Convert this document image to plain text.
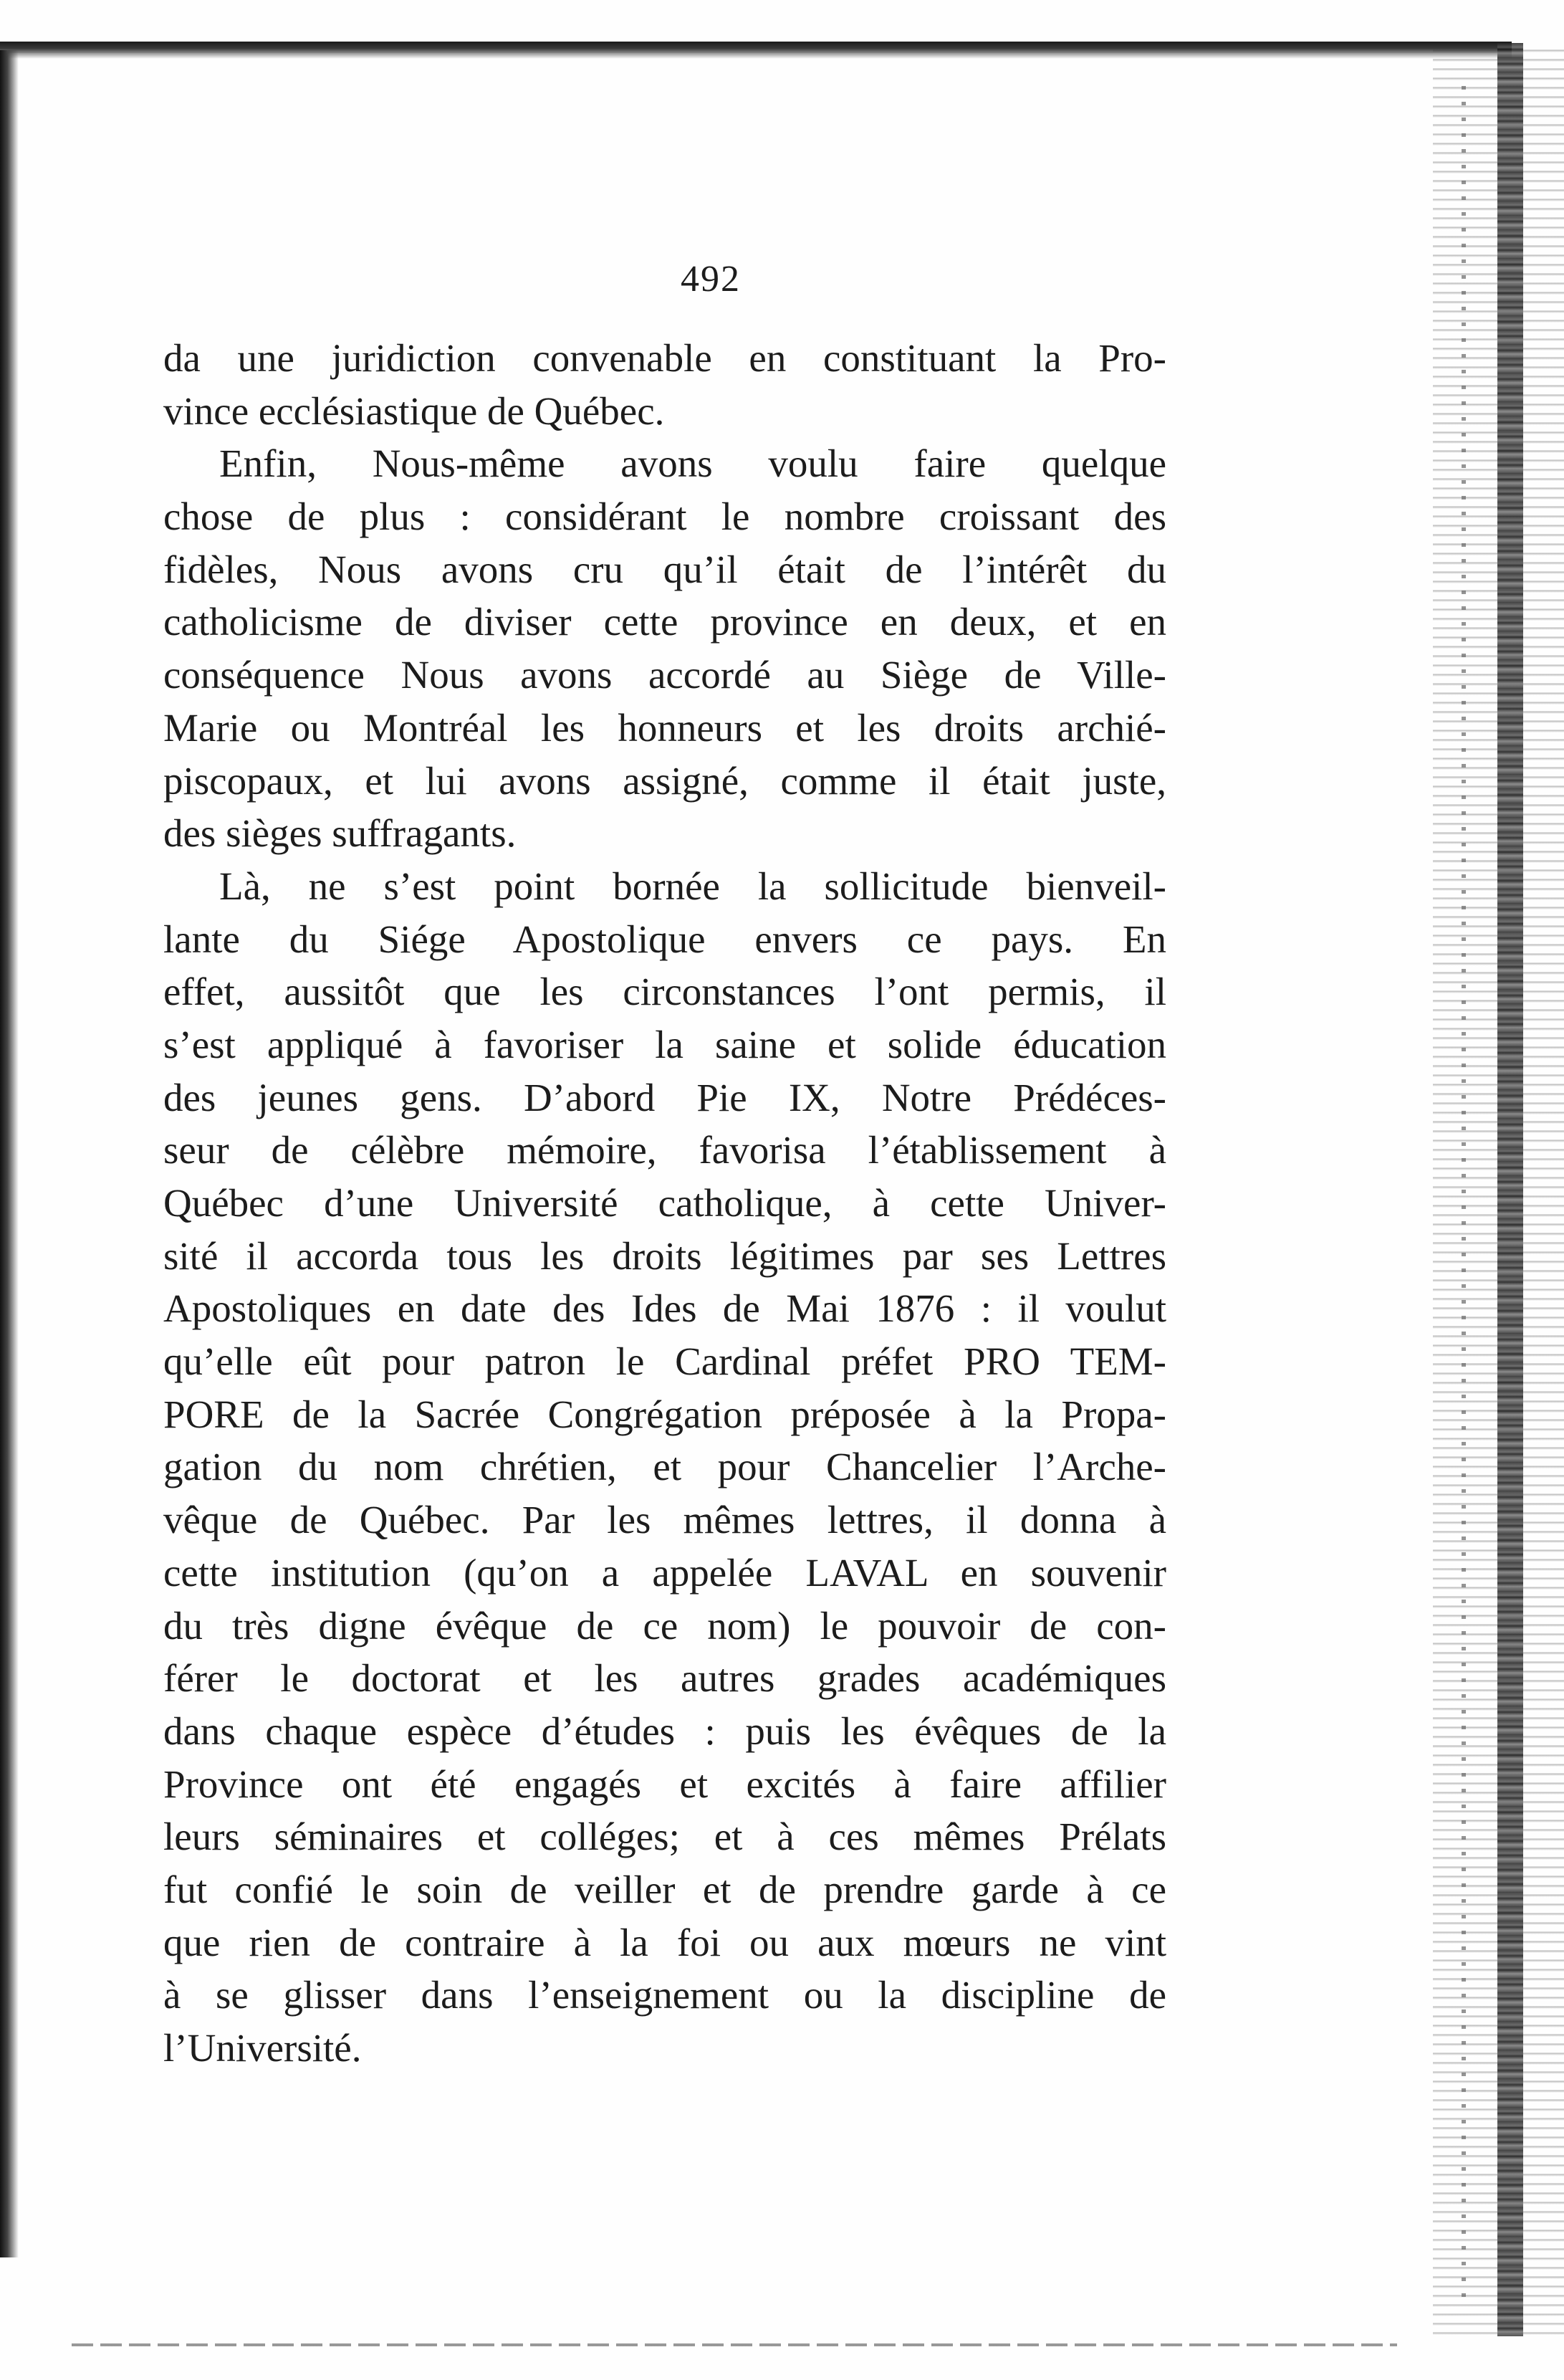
492
da une juridiction convenable en constituant la Pro-
vince ecclésiastique de Québec.
Enfin, Nous-même avons voulu faire quelque
chose de plus : considérant le nombre croissant des
fidèles, Nous avons cru qu’il était de l’intérêt du
catholicisme de diviser cette province en deux, et en
conséquence Nous avons accordé au Siège de Ville-
Marie ou Montréal les honneurs et les droits archié-
piscopaux, et lui avons assigné, comme il était juste,
des sièges suffragants.
Là, ne s’est point bornée la sollicitude bienveil-
lante du Siége Apostolique envers ce pays. En
effet, aussitôt que les circonstances l’ont permis, il
s’est appliqué à favoriser la saine et solide éducation
des jeunes gens. D’abord Pie IX, Notre Prédéces-
seur de célèbre mémoire, favorisa l’établissement à
Québec d’une Université catholique, à cette Univer-
sité il accorda tous les droits légitimes par ses Lettres
Apostoliques en date des Ides de Mai 1876 : il voulut
qu’elle eût pour patron le Cardinal préfet PRO TEM-
PORE de la Sacrée Congrégation préposée à la Propa-
gation du nom chrétien, et pour Chancelier l’Arche-
vêque de Québec. Par les mêmes lettres, il donna à
cette institution (qu’on a appelée LAVAL en souvenir
du très digne évêque de ce nom) le pouvoir de con-
férer le doctorat et les autres grades académiques
dans chaque espèce d’études : puis les évêques de la
Province ont été engagés et excités à faire affilier
leurs séminaires et colléges; et à ces mêmes Prélats
fut confié le soin de veiller et de prendre garde à ce
que rien de contraire à la foi ou aux mœurs ne vint
à se glisser dans l’enseignement ou la discipline de
l’Université.
